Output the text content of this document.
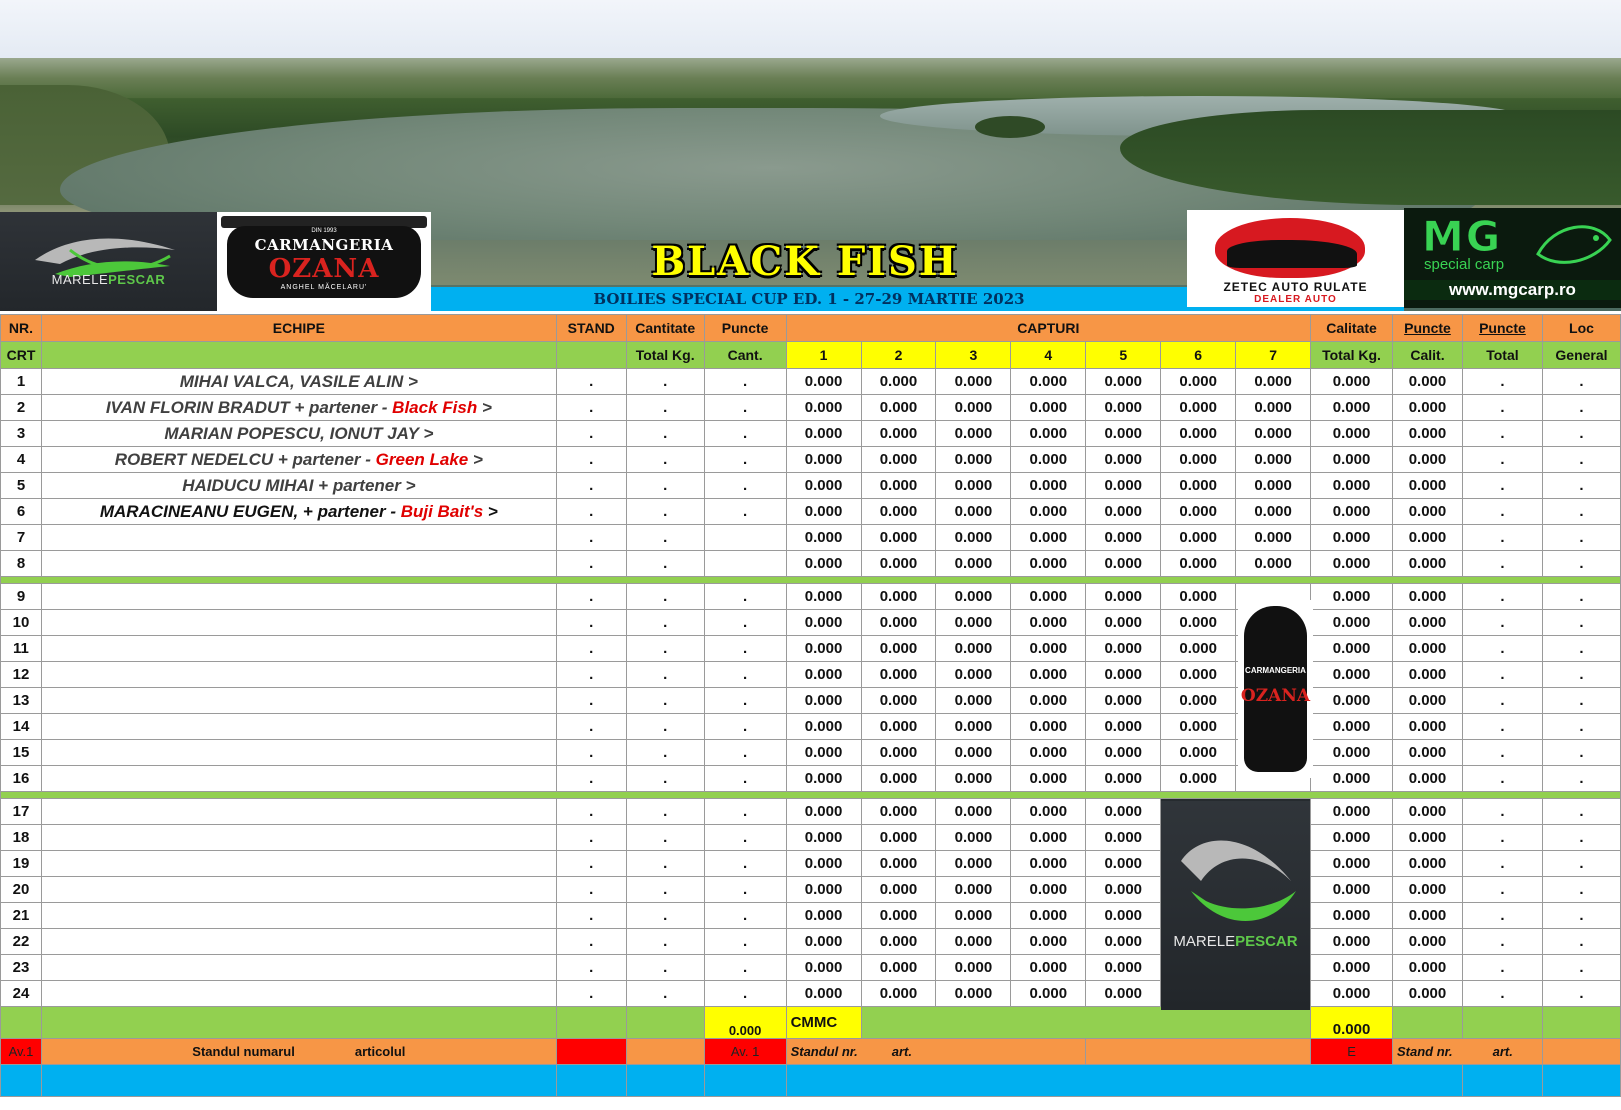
MARELEPESCAR
DIN 1993
CARMANGERIA
OZANA
ANGHEL MĂCELARU'	ZETEC AUTO RULATE
DEALER AUTO
MG
special carp
www.mgcarp.ro
BLACK FISH
BOILIES SPECIAL CUP ED. 1 - 27-29 MARTIE 2023
NR.	ECHIPE	STAND	Cantitate	Puncte	CAPTURI							Calitate	Puncte	Puncte	Loc
CRT			Total Kg.	Cant.	1	2	3	4	5	6	7	Total Kg.	Calit.	Total	General
1	MIHAI VALCA, VASILE ALIN >	.	.	.	0.000	0.000	0.000	0.000	0.000	0.000	0.000	0.000	0.000	.	.
2	IVAN FLORIN BRADUT + partener - Black Fish >	.	.	.	0.000	0.000	0.000	0.000	0.000	0.000	0.000	0.000	0.000	.	.
3	MARIAN POPESCU, IONUT JAY >	.	.	.	0.000	0.000	0.000	0.000	0.000	0.000	0.000	0.000	0.000	.	.
4	ROBERT NEDELCU + partener - Green Lake >	.	.	.	0.000	0.000	0.000	0.000	0.000	0.000	0.000	0.000	0.000	.	.
5	HAIDUCU MIHAI + partener >	.	.	.	0.000	0.000	0.000	0.000	0.000	0.000	0.000	0.000	0.000	.	.
6	MARACINEANU EUGEN, + partener - Buji Bait's >	.	.	.	0.000	0.000	0.000	0.000	0.000	0.000	0.000	0.000	0.000	.	.
7		.	.		0.000	0.000	0.000	0.000	0.000	0.000	0.000	0.000	0.000	.	.
8		.	.		0.000	0.000	0.000	0.000	0.000	0.000	0.000	0.000	0.000	.	.

9		.	.	.	0.000	0.000	0.000	0.000	0.000	0.000		0.000	0.000	.	.
10		.	.	.	0.000	0.000	0.000	0.000	0.000	0.000		0.000	0.000	.	.
11		.	.	.	0.000	0.000	0.000	0.000	0.000	0.000		0.000	0.000	.	.
12		.	.	.	0.000	0.000	0.000	0.000	0.000	0.000		0.000	0.000	.	.
13		.	.	.	0.000	0.000	0.000	0.000	0.000	0.000		0.000	0.000	.	.
14		.	.	.	0.000	0.000	0.000	0.000	0.000	0.000		0.000	0.000	.	.
15		.	.	.	0.000	0.000	0.000	0.000	0.000	0.000		0.000	0.000	.	.
16		.	.	.	0.000	0.000	0.000	0.000	0.000	0.000		0.000	0.000	.	.

17		.	.	.	0.000	0.000	0.000	0.000	0.000			0.000	0.000	.	.
18		.	.	.	0.000	0.000	0.000	0.000	0.000			0.000	0.000	.	.
19		.	.	.	0.000	0.000	0.000	0.000	0.000			0.000	0.000	.	.
20		.	.	.	0.000	0.000	0.000	0.000	0.000			0.000	0.000	.	.
21		.	.	.	0.000	0.000	0.000	0.000	0.000			0.000	0.000	.	.
22		.	.	.	0.000	0.000	0.000	0.000	0.000			0.000	0.000	.	.
23		.	.	.	0.000	0.000	0.000	0.000	0.000			0.000	0.000	.	.
24		.	.	.	0.000	0.000	0.000	0.000	0.000			0.000	0.000	.	.
				0.000	CMMC							0.000			
Av.1	Standul numarul articolul			Av. 1	Standul nr. art.							E	Stand nr. art.		

OZANA
CARMANGERIA
MARELEPESCAR
